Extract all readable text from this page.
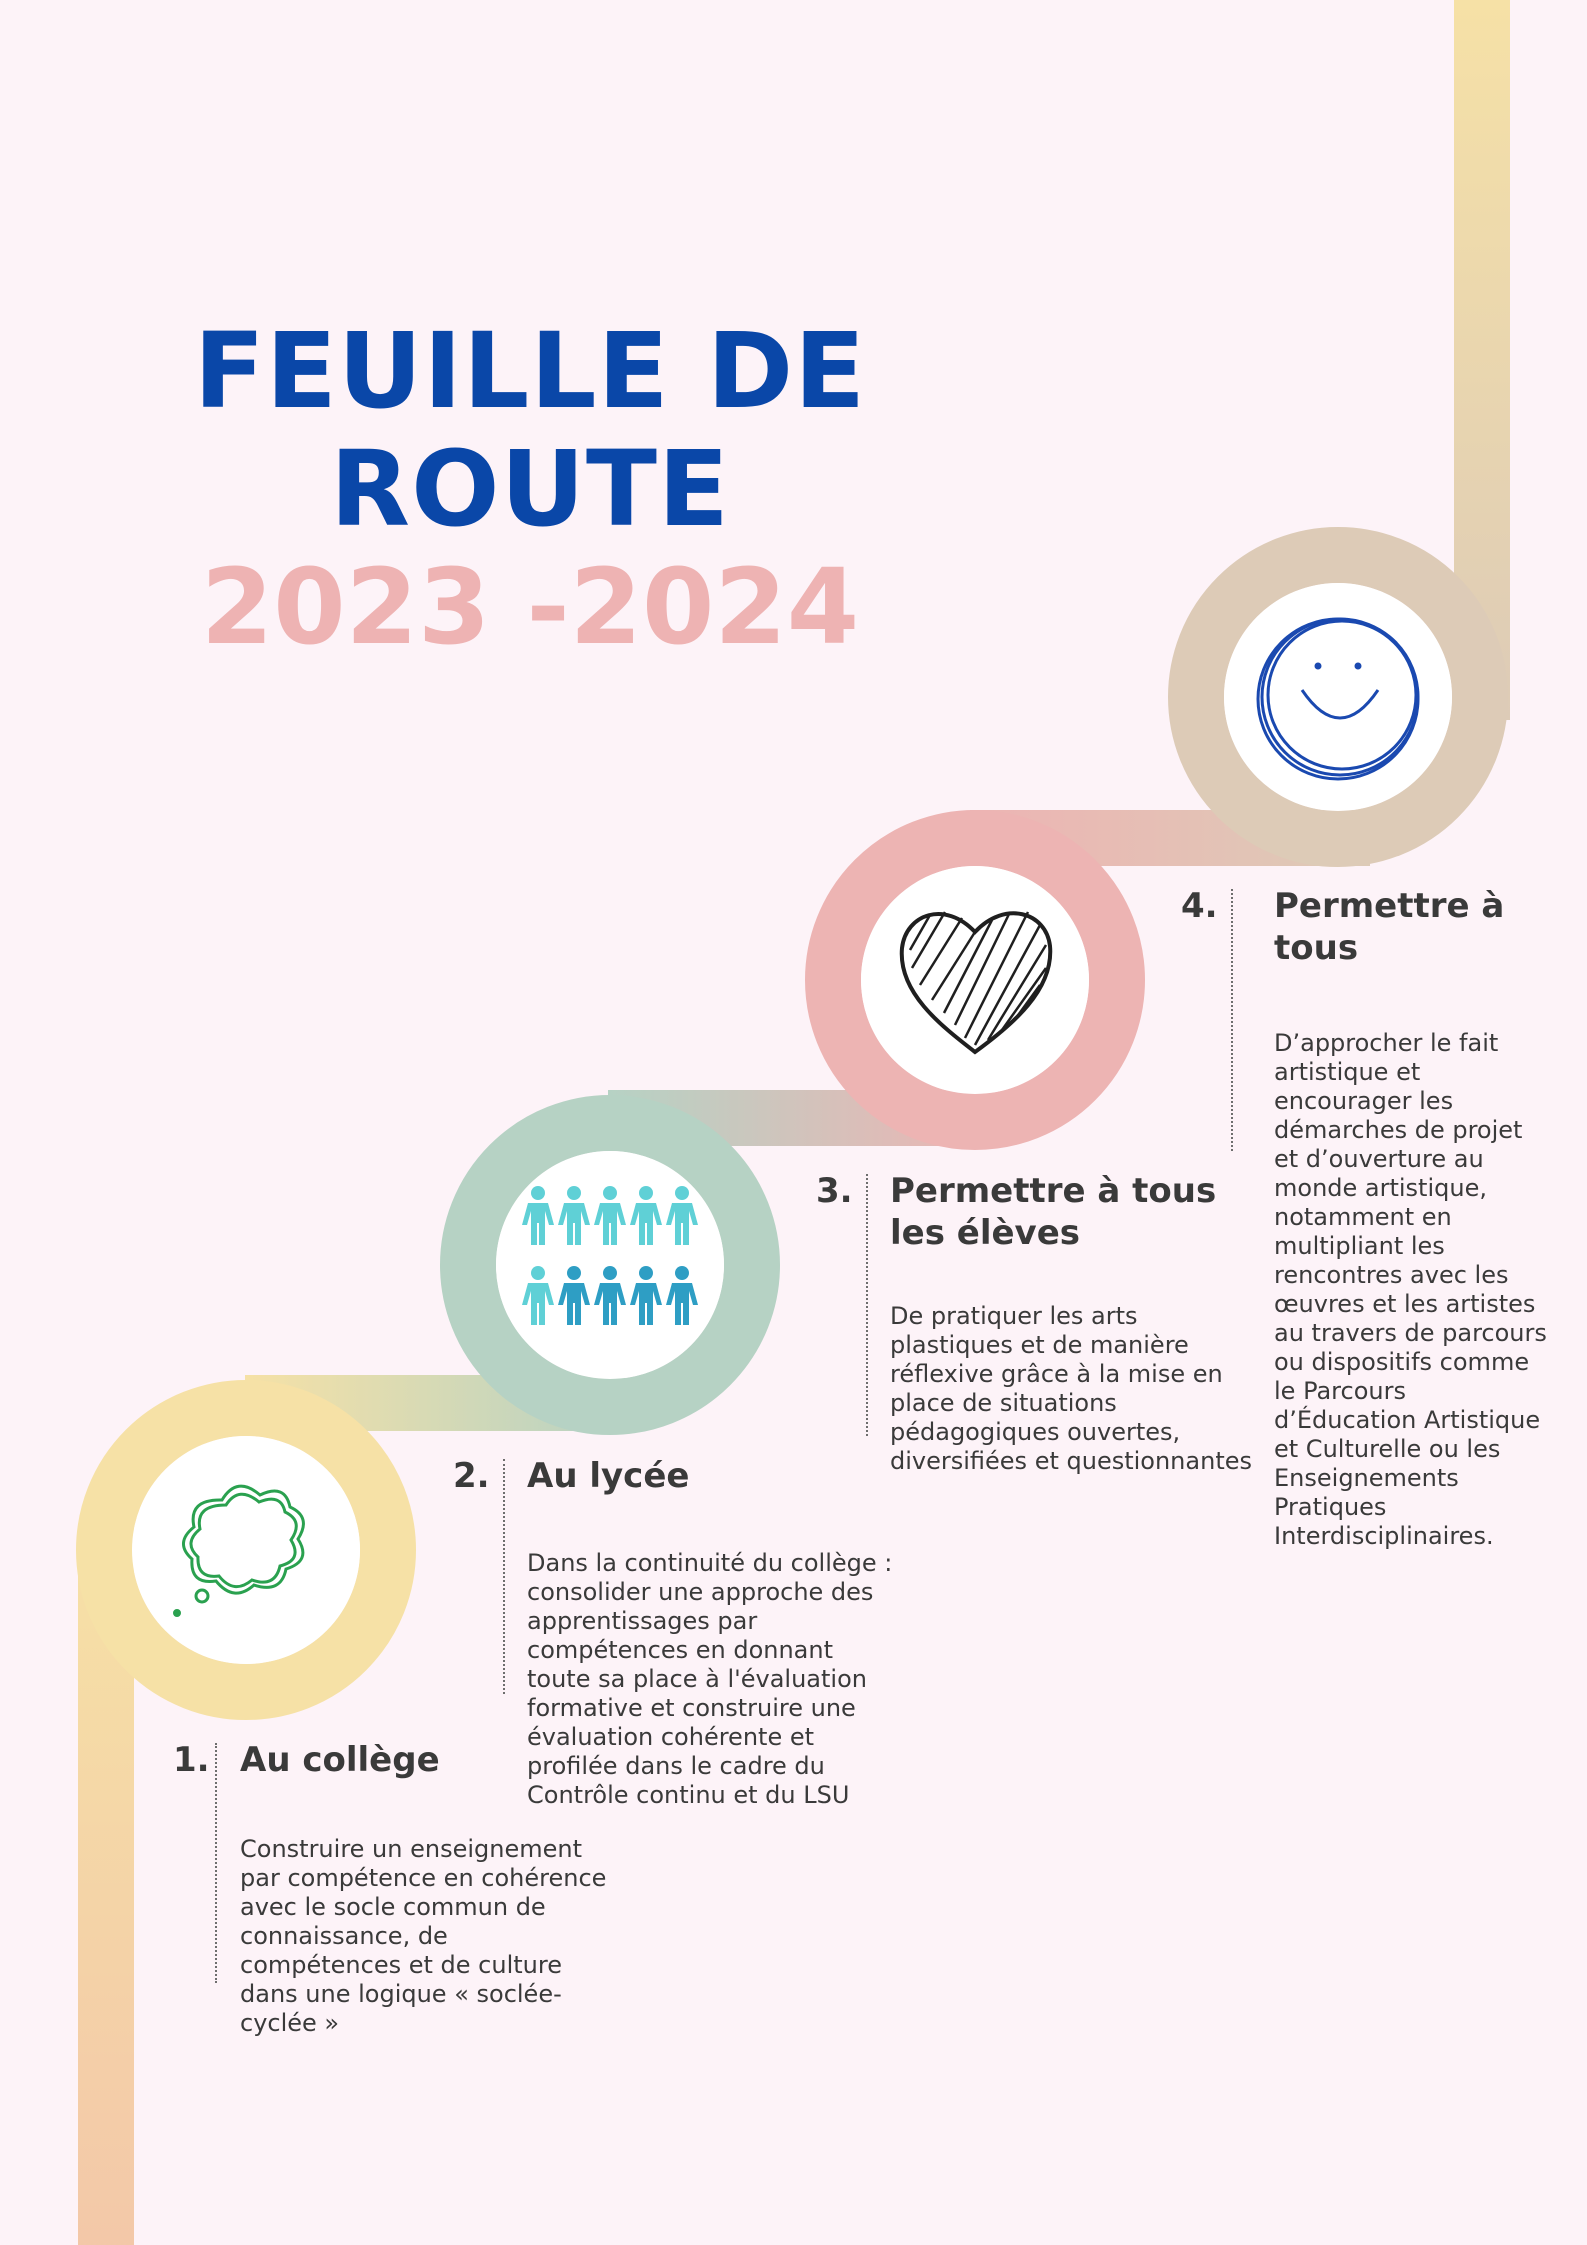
FEUILLE DE
ROUTE
2023 -2024
1. Au collège
Construire un enseignement
par compétence en cohérence
avec le socle commun de
connaissance, de
compétences et de culture
dans une logique « soclée-
cyclée »
2. Au lycée
Dans la continuité du collège :
consolider une approche des
apprentissages par
compétences en donnant
toute sa place à l'évaluation
formative et construire une
évaluation cohérente et
profilée dans le cadre du
Contrôle continu et du LSU
3. Permettre à tous
les élèves
De pratiquer les arts
plastiques et de manière
réflexive grâce à la mise en
place de situations
pédagogiques ouvertes,
diversifiées et questionnantes
4. Permettre à
tous
D’approcher le fait
artistique et
encourager les
démarches de projet
et d’ouverture au
monde artistique,
notamment en
multipliant les
rencontres avec les
œuvres et les artistes
au travers de parcours
ou dispositifs comme
le Parcours
d’Éducation Artistique
et Culturelle ou les
Enseignements
Pratiques
Interdisciplinaires.
